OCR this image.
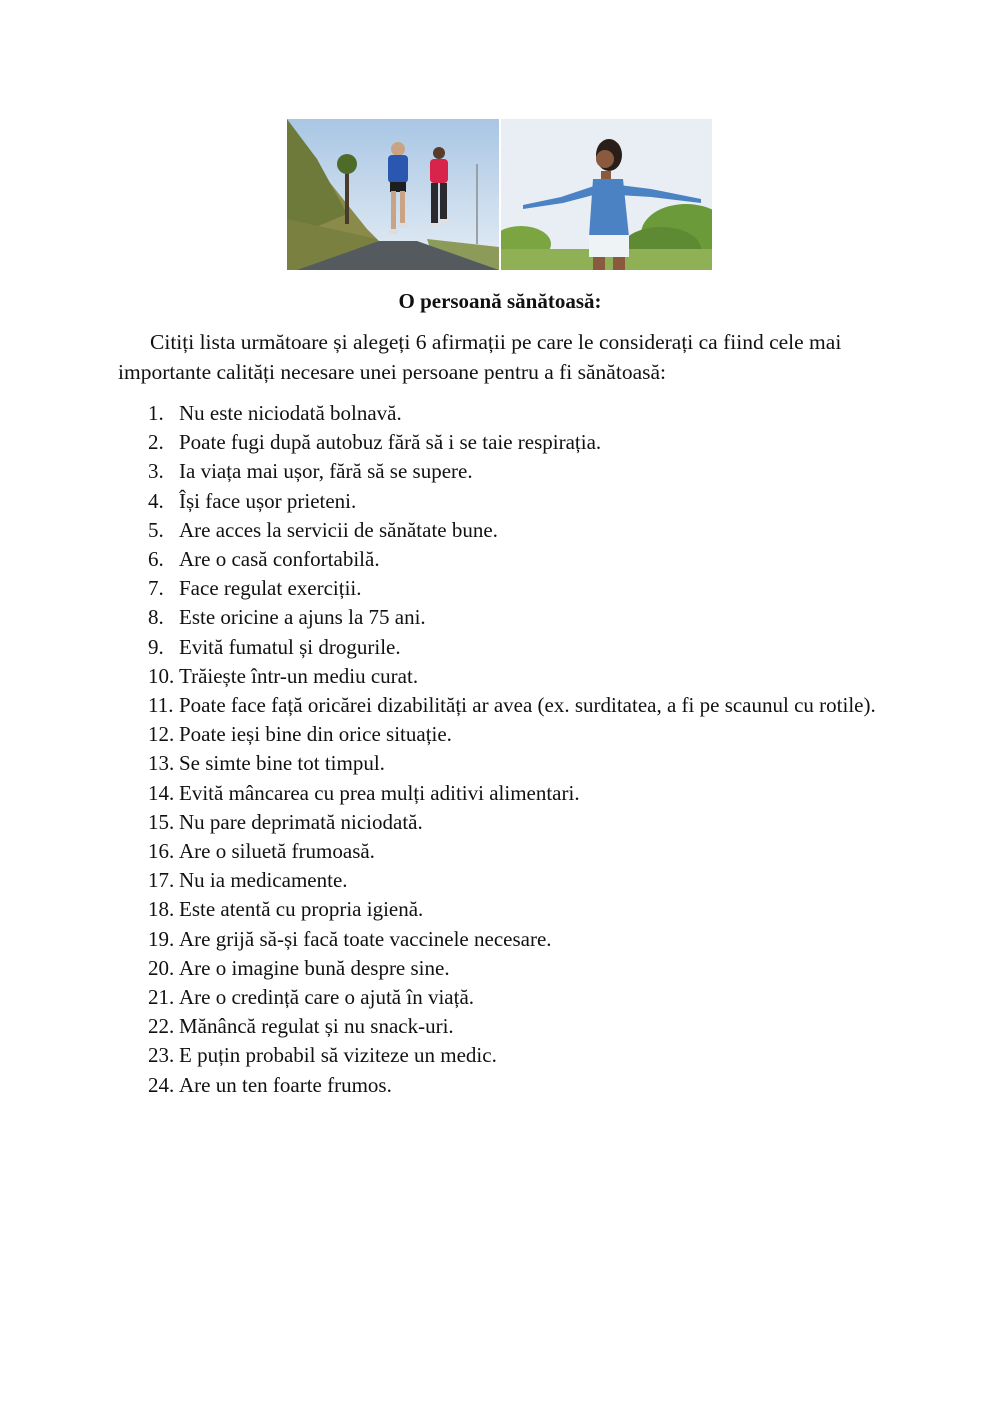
O persoană sănătoasă:
Citiți lista următoare și alegeți 6 afirmații pe care le considerați ca fiind cele mai importante calități necesare unei persoane pentru a fi sănătoasă:
1. Nu este niciodată bolnavă.
2. Poate fugi după autobuz fără să i se taie respirația.
3. Ia viața mai ușor, fără să se supere.
4. Își face ușor prieteni.
5. Are acces la servicii de sănătate bune.
6. Are o casă confortabilă.
7. Face regulat exerciții.
8. Este oricine a ajuns la 75 ani.
9. Evită fumatul și drogurile.
10. Trăiește într-un mediu curat.
11. Poate face față oricărei dizabilități ar avea (ex. surditatea, a fi pe scaunul cu rotile).
12. Poate ieși bine din orice situație.
13. Se simte bine tot timpul.
14. Evită mâncarea cu prea mulți aditivi alimentari.
15. Nu pare deprimată niciodată.
16. Are o siluetă frumoasă.
17. Nu ia medicamente.
18. Este atentă cu propria igienă.
19. Are grijă să-și facă toate vaccinele necesare.
20. Are o imagine bună despre sine.
21. Are o credință care o ajută în viață.
22. Mănâncă regulat și nu snack-uri.
23. E puțin probabil să viziteze un medic.
24. Are un ten foarte frumos.
